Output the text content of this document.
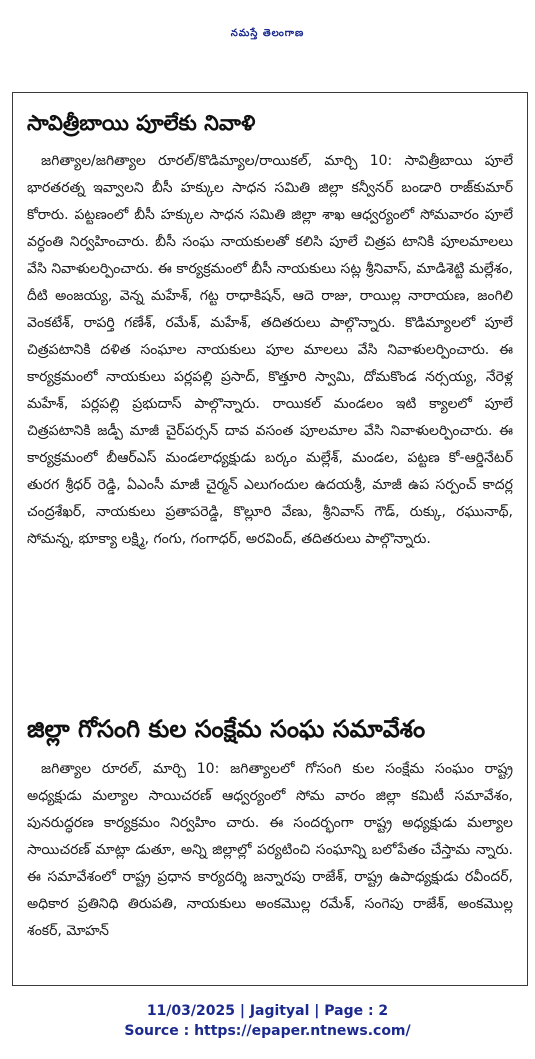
నమస్తే తెలంగాణ
సావిత్రీబాయి పూలేకు నివాళి

జగిత్యాల/జగిత్యాల రూరల్/కొడిమ్యాల/రాయికల్, మార్చి 10: సావిత్రీబాయి పూలే భారతరత్న ఇవ్వాలని బీసీ హక్కుల సాధన సమితి జిల్లా కన్వీనర్ బండారి రాజ్‌కుమార్ కోరారు. పట్టణంలో బీసీ హక్కుల సాధన సమితి జిల్లా శాఖ ఆధ్వర్యంలో సోమవారం పూలే వర్ధంతి నిర్వహించారు. బీసీ సంఘ నాయకులతో కలిసి పూలే చిత్రప టానికి పూలమాలలు వేసి నివాళులర్పించారు. ఈ కార్యక్రమంలో బీసీ నాయకులు సట్ల శ్రీనివాస్, మాడిశెట్టి మల్లేశం, దీటి అంజయ్య, వెన్న మహేశ్, గట్ట రాధాకిషన్, ఆదె రాజు, రాయిల్ల నారాయణ, జంగిలి వెంకటేశ్, రాపర్తి గణేశ్, రమేశ్, మహేశ్, తదితరులు పాల్గొన్నారు. కొడిమ్యాలలో పూలే చిత్రపటానికి దళిత సంఘాల నాయకులు పూల మాలలు వేసి నివాళులర్పించారు. ఈ కార్యక్రమంలో నాయకులు పర్లపల్లి ప్రసాద్, కొత్తూరి స్వామి, దోమకొండ నర్సయ్య, నేరెళ్ల మహేశ్, పర్లపల్లి ప్రభుదాస్ పాల్గొన్నారు. రాయికల్ మండలం ఇటి క్యాలలో పూలే చిత్రపటానికి జడ్పీ మాజీ చైర్‌పర్సన్ దావ వసంత పూలమాల వేసి నివాళులర్పించారు. ఈ కార్యక్రమంలో బీఆర్‌ఎస్ మండలాధ్యక్షుడు బర్కం మల్లేశ్, మండల, పట్టణ కో-ఆర్డినేటర్ తురగ శ్రీధర్ రెడ్డి, ఏఎంసీ మాజీ చైర్మన్ ఎలుగందుల ఉదయశ్రీ, మాజీ ఉప సర్పంచ్ కాదర్ల చంద్రశేఖర్, నాయకులు ప్రతాపరెడ్డి, కొల్లూరి వేణు, శ్రీనివాస్ గౌడ్, రుక్కు, రఘునాథ్, సోమన్న, భూక్యా లక్ష్మి, గంగు, గంగాధర్, అరవింద్, తదితరులు పాల్గొన్నారు.

జిల్లా గోసంగి కుల సంక్షేమ సంఘ సమావేశం

జగిత్యాల రూరల్, మార్చి 10: జగిత్యాలలో గోసంగి కుల సంక్షేమ సంఘం రాష్ట్ర అధ్యక్షుడు మల్యాల సాయిచరణ్ ఆధ్వర్యంలో సోమ వారం జిల్లా కమిటీ సమావేశం, పునరుద్ధరణ కార్యక్రమం నిర్వహిం చారు. ఈ సందర్భంగా రాష్ట్ర అధ్యక్షుడు మల్యాల సాయిచరణ్ మాట్లా డుతూ, అన్ని జిల్లాల్లో పర్యటించి సంఘాన్ని బలోపేతం చేస్తామ న్నారు. ఈ సమావేశంలో రాష్ట్ర ప్రధాన కార్యదర్శి జన్నారపు రాజేశ్, రాష్ట్ర ఉపాధ్యక్షుడు రవీందర్, అధికార ప్రతినిధి తిరుపతి, నాయకులు అంకమొల్ల రమేశ్, సంగెపు రాజేశ్, అంకమొల్ల శంకర్, మోహన్

11/03/2025 | Jagityal | Page : 2
Source : https://epaper.ntnews.com/
